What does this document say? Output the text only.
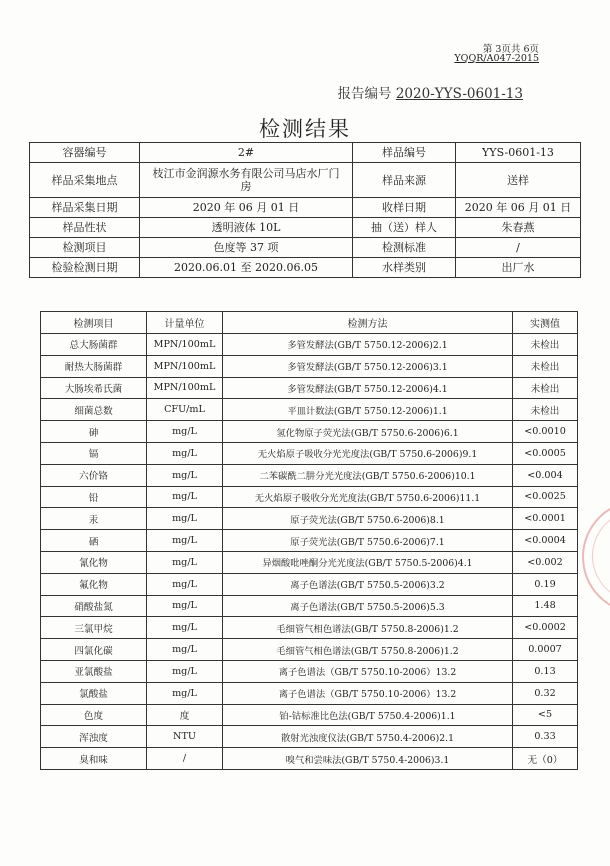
第 3页共 6页
YQQR/A047-2015
报告编号 2020-YYS-0601-13
检测结果
容器编号	2#	样品编号	YYS-0601-13
样品采集地点	枝江市金润源水务有限公司马店水厂门房	样品来源	送样
样品采集日期	2020 年 06 月 01 日	收样日期	2020 年 06 月 01 日
样品性状	透明液体 10L	抽（送）样人	朱春燕
检测项目	色度等 37 项	检测标准	/
检验检测日期	2020.06.01 至 2020.06.05	水样类别	出厂水
检测项目	计量单位	检测方法	实测值
总大肠菌群	MPN/100mL	多管发酵法(GB/T 5750.12-2006)2.1	未检出
耐热大肠菌群	MPN/100mL	多管发酵法(GB/T 5750.12-2006)3.1	未检出
大肠埃希氏菌	MPN/100mL	多管发酵法(GB/T 5750.12-2006)4.1	未检出
细菌总数	CFU/mL	平皿计数法(GB/T 5750.12-2006)1.1	未检出
砷	mg/L	氢化物原子荧光法(GB/T 5750.6-2006)6.1	<0.0010
镉	mg/L	无火焰原子吸收分光光度法(GB/T 5750.6-2006)9.1	<0.0005
六价铬	mg/L	二苯碳酰二肼分光光度法(GB/T 5750.6-2006)10.1	<0.004
铅	mg/L	无火焰原子吸收分光光度法(GB/T 5750.6-2006)11.1	<0.0025
汞	mg/L	原子荧光法(GB/T 5750.6-2006)8.1	<0.0001
硒	mg/L	原子荧光法(GB/T 5750.6-2006)7.1	<0.0004
氰化物	mg/L	异烟酸吡唑酮分光光度法(GB/T 5750.5-2006)4.1	<0.002
氟化物	mg/L	离子色谱法(GB/T 5750.5-2006)3.2	0.19
硝酸盐氮	mg/L	离子色谱法(GB/T 5750.5-2006)5.3	1.48
三氯甲烷	mg/L	毛细管气相色谱法(GB/T 5750.8-2006)1.2	<0.0002
四氯化碳	mg/L	毛细管气相色谱法(GB/T 5750.8-2006)1.2	0.0007
亚氯酸盐	mg/L	离子色谱法（GB/T 5750.10-2006）13.2	0.13
氯酸盐	mg/L	离子色谱法（GB/T 5750.10-2006）13.2	0.32
色度	度	铂-钴标准比色法(GB/T 5750.4-2006)1.1	<5
浑浊度	NTU	散射光浊度仪法(GB/T 5750.4-2006)2.1	0.33
臭和味	/	嗅气和尝味法(GB/T 5750.4-2006)3.1	无（0）
